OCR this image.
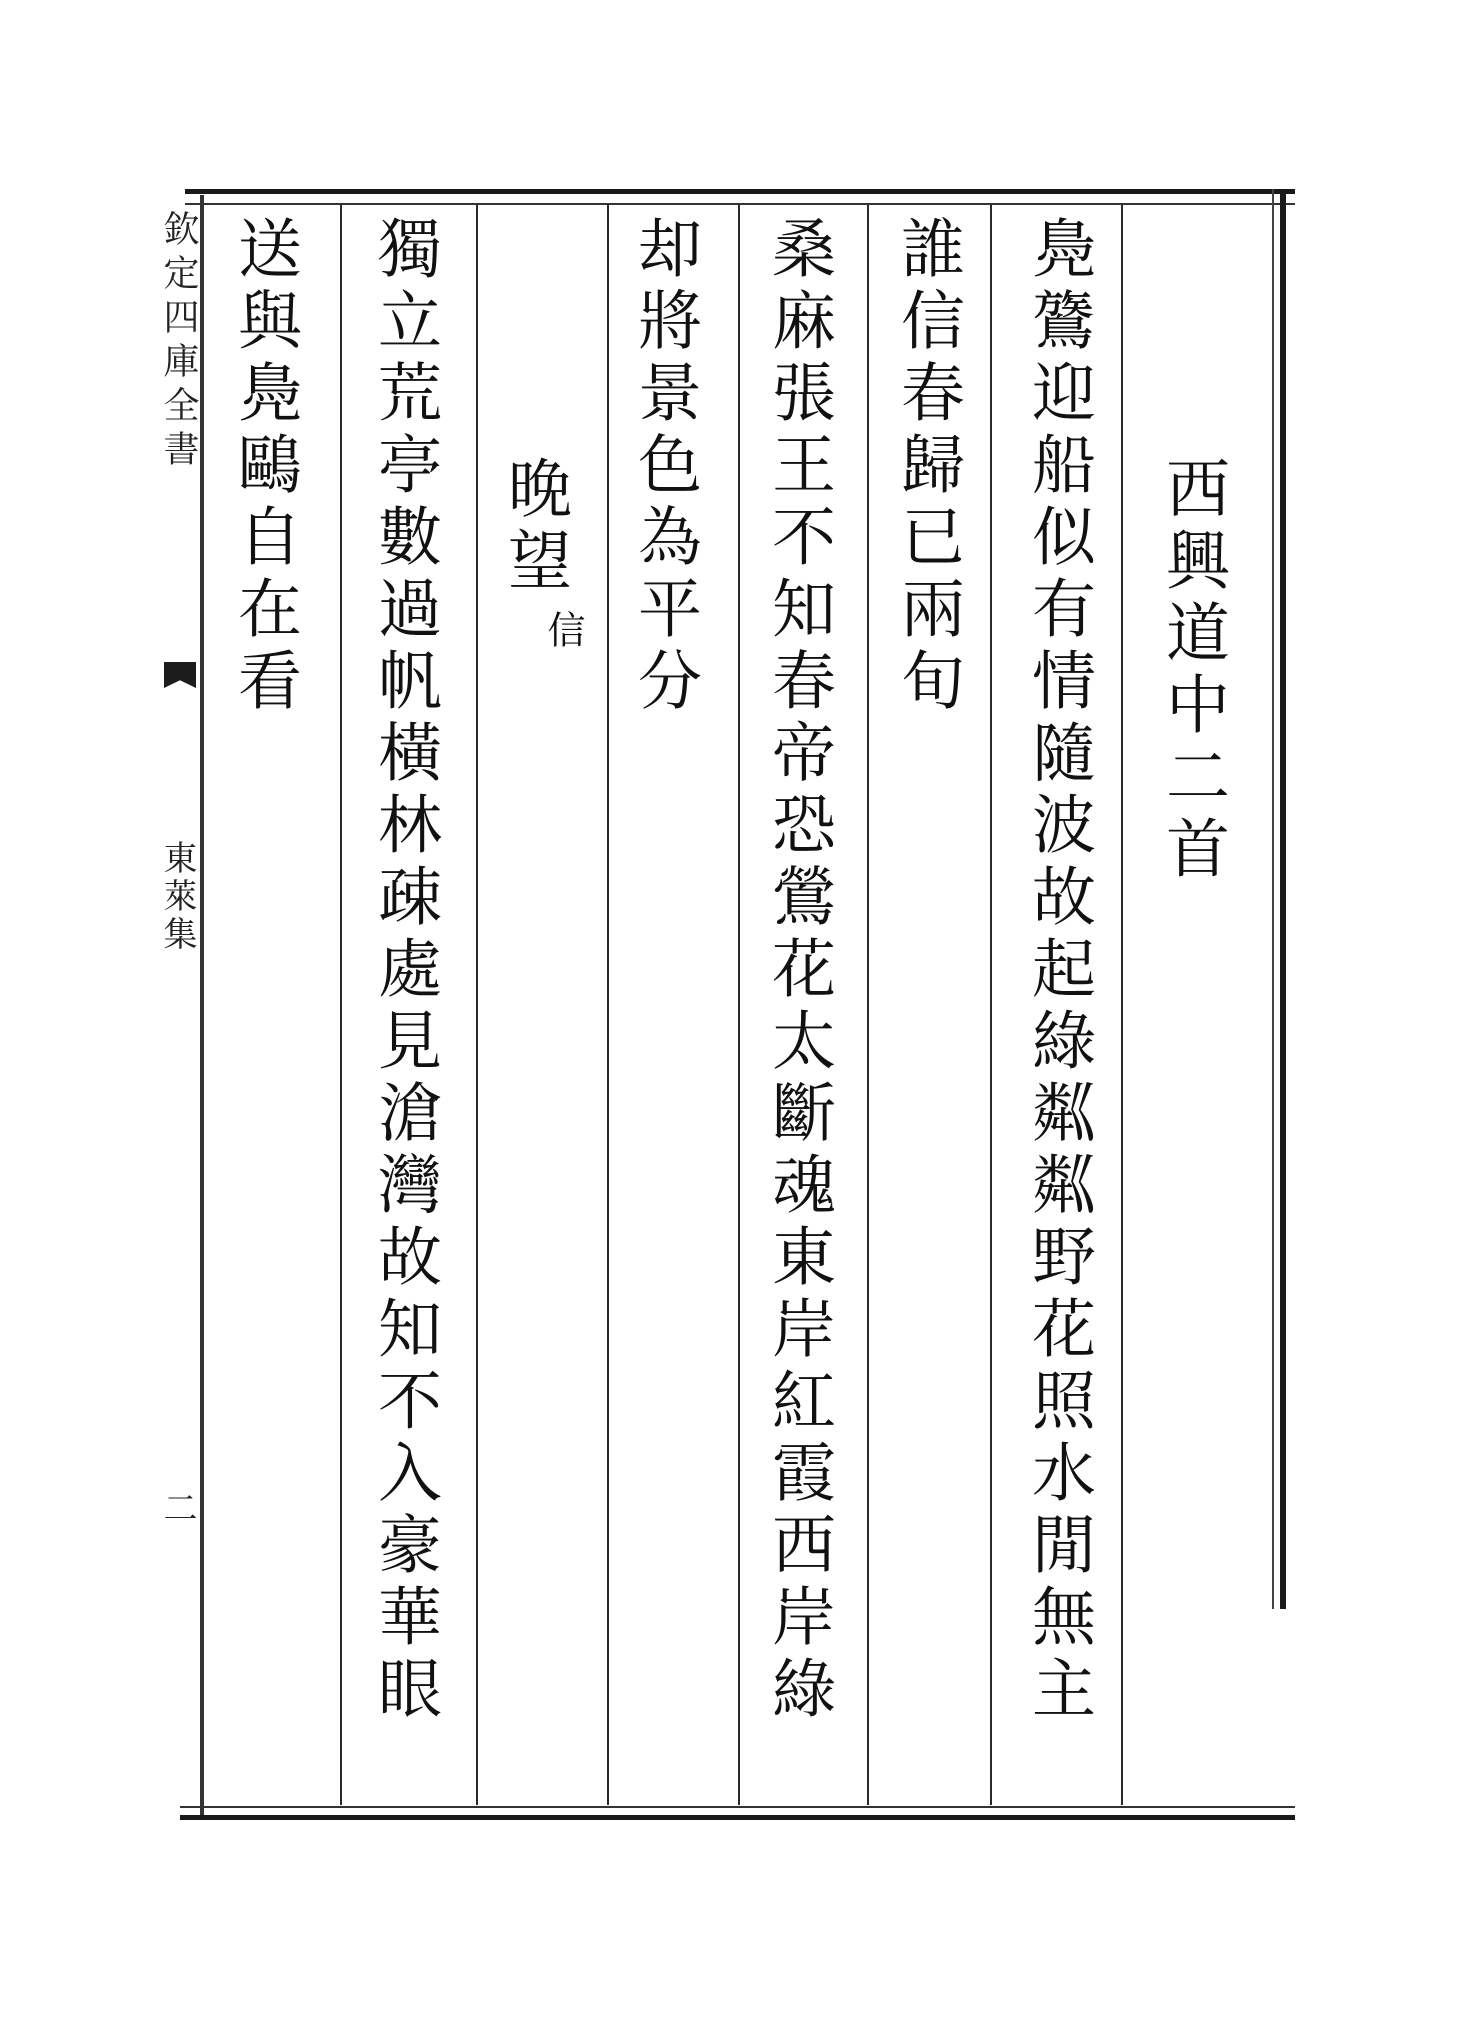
欽定四庫全書
東萊集
二
西興道中二首
鳧鷟迎船似有情隨波故起綠粼粼野花照水閒無主
誰信春歸已兩旬
桑麻張王不知春帝恐鶯花太斷魂東岸紅霞西岸綠
却將景色為平分
晚望
信
獨立荒亭數過帆橫林疎處見滄灣故知不入豪華眼
送與鳧鷗自在看
